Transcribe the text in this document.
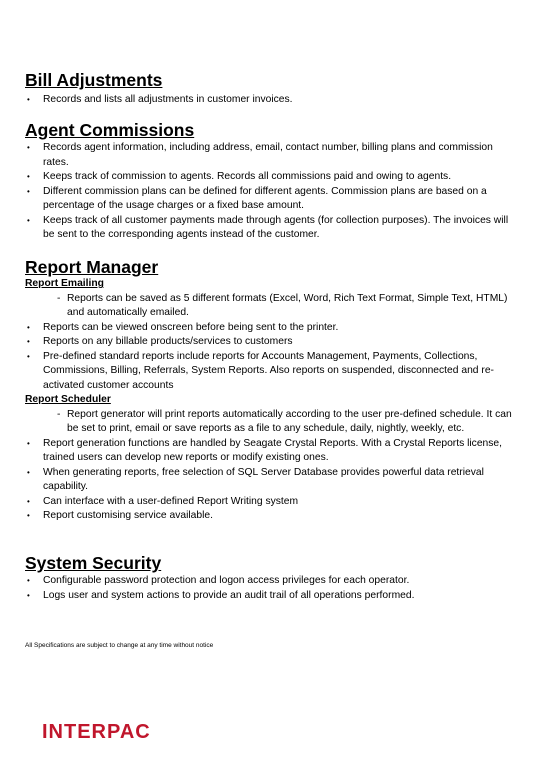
Bill Adjustments
• Records and lists all adjustments in customer invoices.
Agent Commissions
• Records agent information, including address, email, contact number, billing plans and commission rates.
• Keeps track of commission to agents. Records all commissions paid and owing to agents.
• Different commission plans can be defined for different agents. Commission plans are based on a percentage of the usage charges or a fixed base amount.
• Keeps track of all customer payments made through agents (for collection purposes). The invoices will be sent to the corresponding agents instead of the customer.
Report Manager
Report Emailing
- Reports can be saved as 5 different formats (Excel, Word, Rich Text Format, Simple Text, HTML) and automatically emailed.
• Reports can be viewed onscreen before being sent to the printer.
• Reports on any billable products/services to customers
• Pre-defined standard reports include reports for Accounts Management, Payments, Collections, Commissions, Billing, Referrals, System Reports. Also reports on suspended, disconnected and re-activated customer accounts
Report Scheduler
- Report generator will print reports automatically according to the user pre-defined schedule. It can be set to print, email or save reports as a file to any schedule, daily, nightly, weekly, etc.
• Report generation functions are handled by Seagate Crystal Reports. With a Crystal Reports license, trained users can develop new reports or modify existing ones.
• When generating reports, free selection of SQL Server Database provides powerful data retrieval capability.
• Can interface with a user-defined Report Writing system
• Report customising service available.
System Security
• Configurable password protection and logon access privileges for each operator.
• Logs user and system actions to provide an audit trail of all operations performed.
All Specifications are subject to change at any time without notice
INTERPAC
